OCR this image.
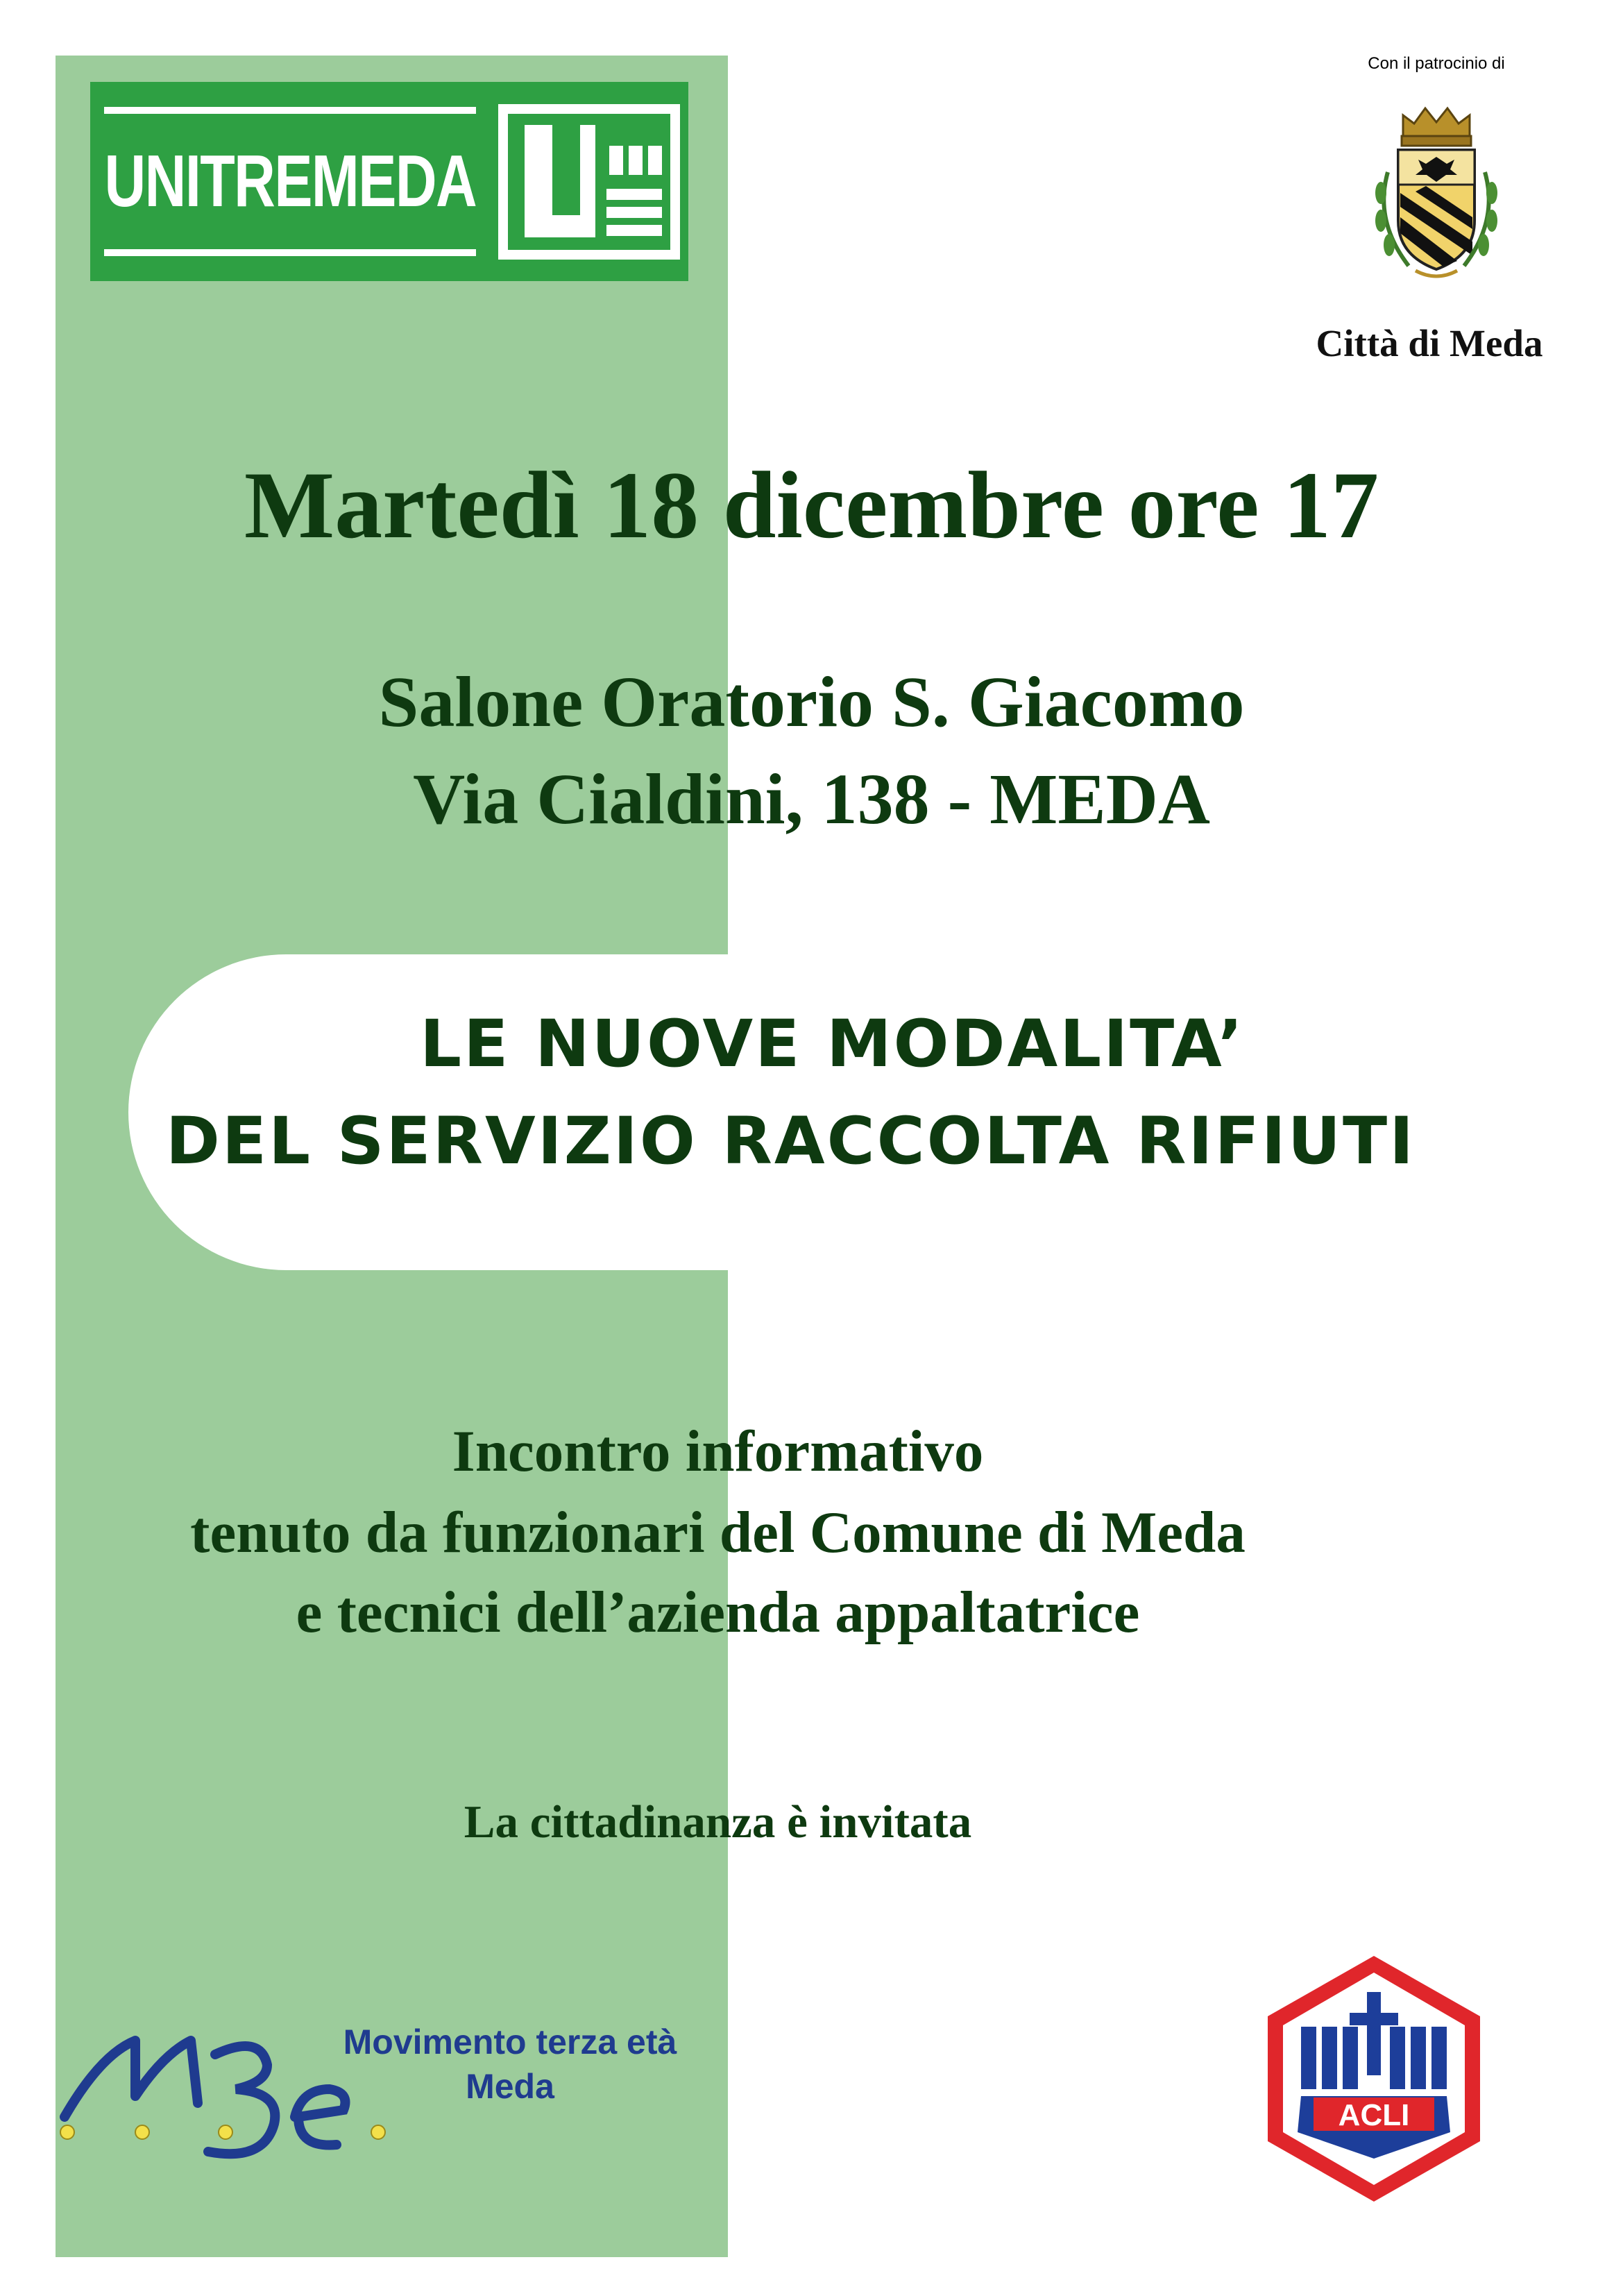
UNITREMEDA
Con il patrocinio di
Città di Meda
Martedì 18 dicembre ore 17
Salone Oratorio S. Giacomo
Via Cialdini, 138 - MEDA
LE NUOVE MODALITA’
DEL SERVIZIO RACCOLTA RIFIUTI
Incontro informativo
tenuto da funzionari del Comune di Meda
e tecnici dell’azienda appaltatrice
La cittadinanza è invitata
Movimento terza età
Meda
ACLI
